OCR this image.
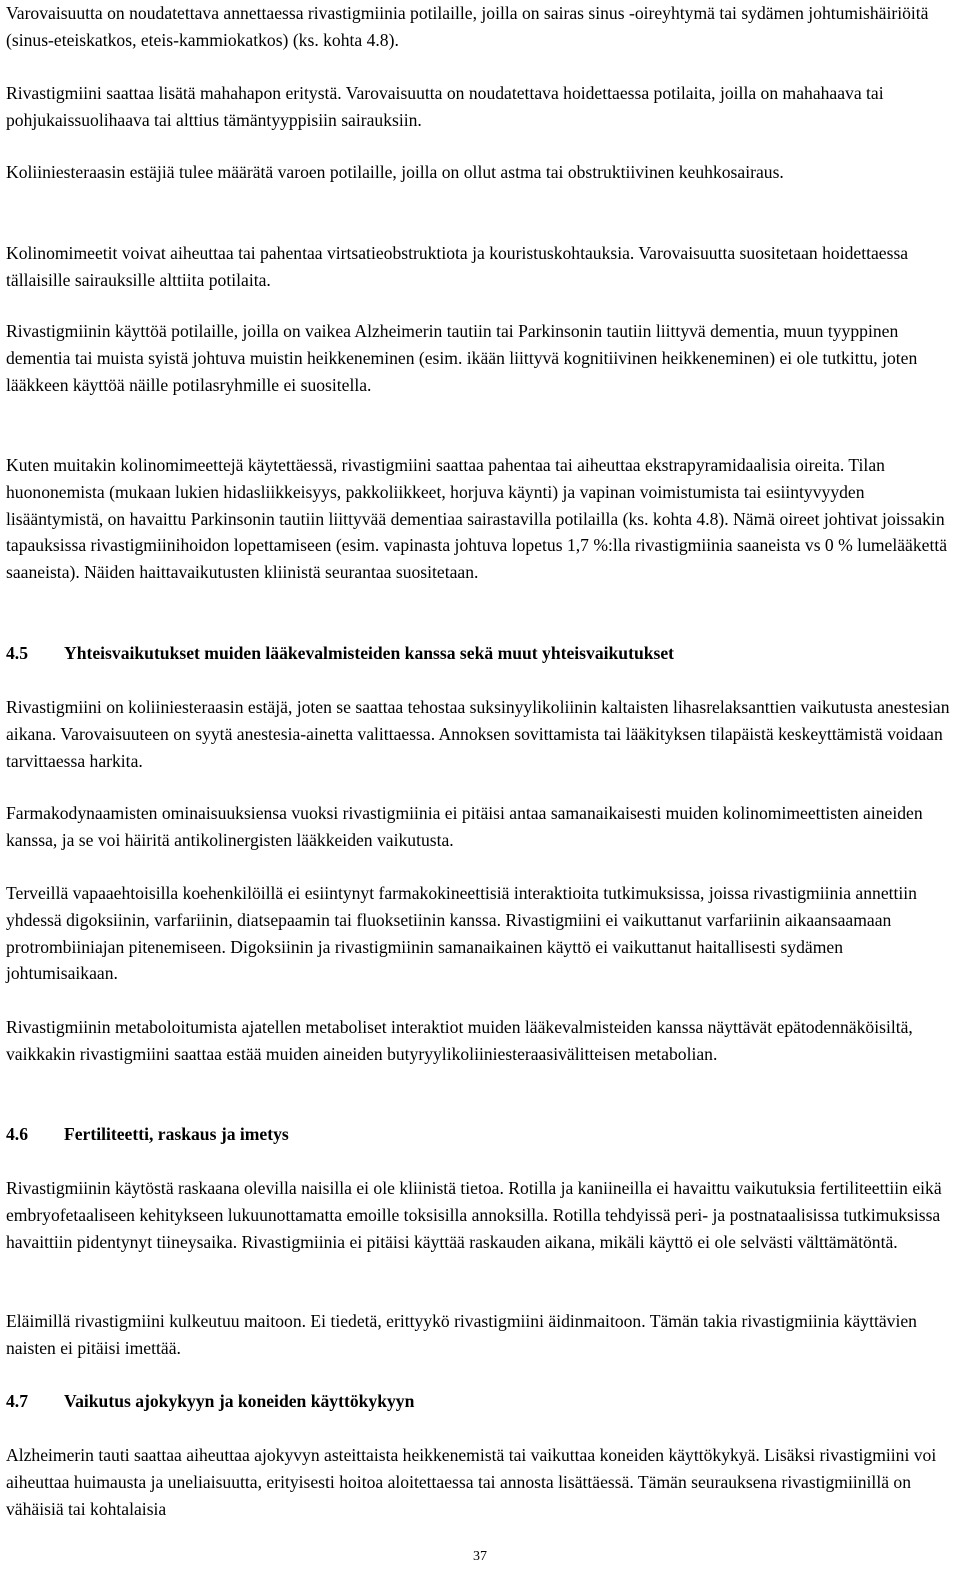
Varovaisuutta on noudatettava annettaessa rivastigmiinia potilaille, joilla on sairas sinus -oireyhtymä tai sydämen johtumishäiriöitä (sinus-eteiskatkos, eteis-kammiokatkos) (ks. kohta 4.8).

Rivastigmiini saattaa lisätä mahahapon eritystä. Varovaisuutta on noudatettava hoidettaessa potilaita, joilla on mahahaava tai pohjukaissuolihaava tai alttius tämäntyyppisiin sairauksiin.

Koliiniesteraasin estäjiä tulee määrätä varoen potilaille, joilla on ollut astma tai obstruktiivinen keuhkosairaus.

Kolinomimeetit voivat aiheuttaa tai pahentaa virtsatieobstruktiota ja kouristuskohtauksia. Varovaisuutta suositetaan hoidettaessa tällaisille sairauksille alttiita potilaita.

Rivastigmiinin käyttöä potilaille, joilla on vaikea Alzheimerin tautiin tai Parkinsonin tautiin liittyvä dementia, muun tyyppinen dementia tai muista syistä johtuva muistin heikkeneminen (esim. ikään liittyvä kognitiivinen heikkeneminen) ei ole tutkittu, joten lääkkeen käyttöä näille potilasryhmille ei suositella.

Kuten muitakin kolinomimeettejä käytettäessä, rivastigmiini saattaa pahentaa tai aiheuttaa ekstrapyramidaalisia oireita. Tilan huononemista (mukaan lukien hidasliikkeisyys, pakkoliikkeet, horjuva käynti) ja vapinan voimistumista tai esiintyvyyden lisääntymistä, on havaittu Parkinsonin tautiin liittyvää dementiaa sairastavilla potilailla (ks. kohta 4.8). Nämä oireet johtivat joissakin tapauksissa rivastigmiinihoidon lopettamiseen (esim. vapinasta johtuva lopetus 1,7 %:lla rivastigmiinia saaneista vs 0 % lumelääkettä saaneista). Näiden haittavaikutusten kliinistä seurantaa suositetaan.

4.5	Yhteisvaikutukset muiden lääkevalmisteiden kanssa sekä muut yhteisvaikutukset

Rivastigmiini on koliiniesteraasin estäjä, joten se saattaa tehostaa suksinyylikoliinin kaltaisten lihasrelaksanttien vaikutusta anestesian aikana. Varovaisuuteen on syytä anestesia-ainetta valittaessa. Annoksen sovittamista tai lääkityksen tilapäistä keskeyttämistä voidaan tarvittaessa harkita.

Farmakodynaamisten ominaisuuksiensa vuoksi rivastigmiinia ei pitäisi antaa samanaikaisesti muiden kolinomimeettisten aineiden kanssa, ja se voi häiritä antikolinergisten lääkkeiden vaikutusta.

Terveillä vapaaehtoisilla koehenkilöillä ei esiintynyt farmakokineettisiä interaktioita tutkimuksissa, joissa rivastigmiinia annettiin yhdessä digoksiinin, varfariinin, diatsepaamin tai fluoksetiinin kanssa. Rivastigmiini ei vaikuttanut varfariinin aikaansaamaan protrombiiniajan pitenemiseen. Digoksiinin ja rivastigmiinin samanaikainen käyttö ei vaikuttanut haitallisesti sydämen johtumisaikaan.

Rivastigmiinin metaboloitumista ajatellen metaboliset interaktiot muiden lääkevalmisteiden kanssa näyttävät epätodennäköisiltä, vaikkakin rivastigmiini saattaa estää muiden aineiden butyryylikoliiniesteraasivälitteisen metabolian.

4.6	Fertiliteetti, raskaus ja imetys

Rivastigmiinin käytöstä raskaana olevilla naisilla ei ole kliinistä tietoa. Rotilla ja kaniineilla ei havaittu vaikutuksia fertiliteettiin eikä embryofetaaliseen kehitykseen lukuunottamatta emoille toksisilla annoksilla. Rotilla tehdyissä peri- ja postnataalisissa tutkimuksissa havaittiin pidentynyt tiineysaika. Rivastigmiinia ei pitäisi käyttää raskauden aikana, mikäli käyttö ei ole selvästi välttämätöntä.

Eläimillä rivastigmiini kulkeutuu maitoon. Ei tiedetä, erittyykö rivastigmiini äidinmaitoon. Tämän takia rivastigmiinia käyttävien naisten ei pitäisi imettää.

4.7	Vaikutus ajokykyyn ja koneiden käyttökykyyn

Alzheimerin tauti saattaa aiheuttaa ajokyvyn asteittaista heikkenemistä tai vaikuttaa koneiden käyttökykyä. Lisäksi rivastigmiini voi aiheuttaa huimausta ja uneliaisuutta, erityisesti hoitoa aloitettaessa tai annosta lisättäessä. Tämän seurauksena rivastigmiinillä on vähäisiä tai kohtalaisia

37
